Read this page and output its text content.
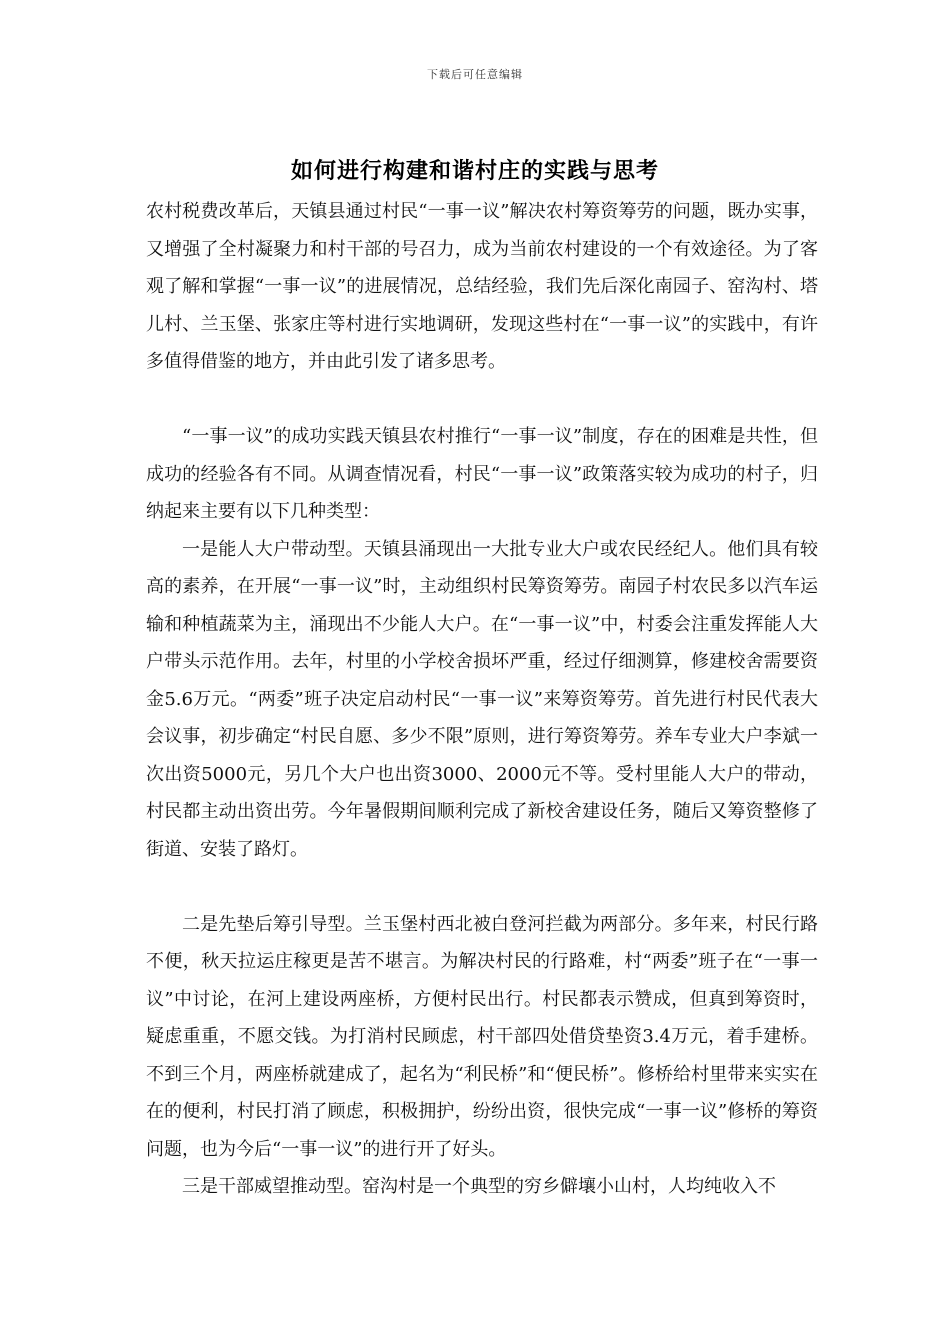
下载后可任意编辑
如何进行构建和谐村庄的实践与思考

农村税费改革后，天镇县通过村民“一事一议”解决农村筹资筹劳的问题，既办实事，又增强了全村凝聚力和村干部的号召力，成为当前农村建设的一个有效途径。为了客观了解和掌握“一事一议”的进展情况，总结经验，我们先后深化南园子、窑沟村、塔儿村、兰玉堡、张家庄等村进行实地调研，发现这些村在“一事一议”的实践中，有许多值得借鉴的地方，并由此引发了诸多思考。

“一事一议”的成功实践天镇县农村推行“一事一议”制度，存在的困难是共性，但成功的经验各有不同。从调查情况看，村民“一事一议”政策落实较为成功的村子，归纳起来主要有以下几种类型：

一是能人大户带动型。天镇县涌现出一大批专业大户或农民经纪人。他们具有较高的素养，在开展“一事一议”时，主动组织村民筹资筹劳。南园子村农民多以汽车运输和种植蔬菜为主，涌现出不少能人大户。在“一事一议”中，村委会注重发挥能人大户带头示范作用。去年，村里的小学校舍损坏严重，经过仔细测算，修建校舍需要资金5.6万元。“两委”班子决定启动村民“一事一议”来筹资筹劳。首先进行村民代表大会议事，初步确定“村民自愿、多少不限”原则，进行筹资筹劳。养车专业大户李斌一次出资5000元，另几个大户也出资3000、2000元不等。受村里能人大户的带动，村民都主动出资出劳。今年暑假期间顺利完成了新校舍建设任务，随后又筹资整修了街道、安装了路灯。

二是先垫后筹引导型。兰玉堡村西北被白登河拦截为两部分。多年来，村民行路不便，秋天拉运庄稼更是苦不堪言。为解决村民的行路难，村“两委”班子在“一事一议”中讨论，在河上建设两座桥，方便村民出行。村民都表示赞成，但真到筹资时，疑虑重重，不愿交钱。为打消村民顾虑，村干部四处借贷垫资3.4万元，着手建桥。不到三个月，两座桥就建成了，起名为“利民桥”和“便民桥”。修桥给村里带来实实在在的便利，村民打消了顾虑，积极拥护，纷纷出资，很快完成“一事一议”修桥的筹资问题，也为今后“一事一议”的进行开了好头。

三是干部威望推动型。窑沟村是一个典型的穷乡僻壤小山村，人均纯收入不
